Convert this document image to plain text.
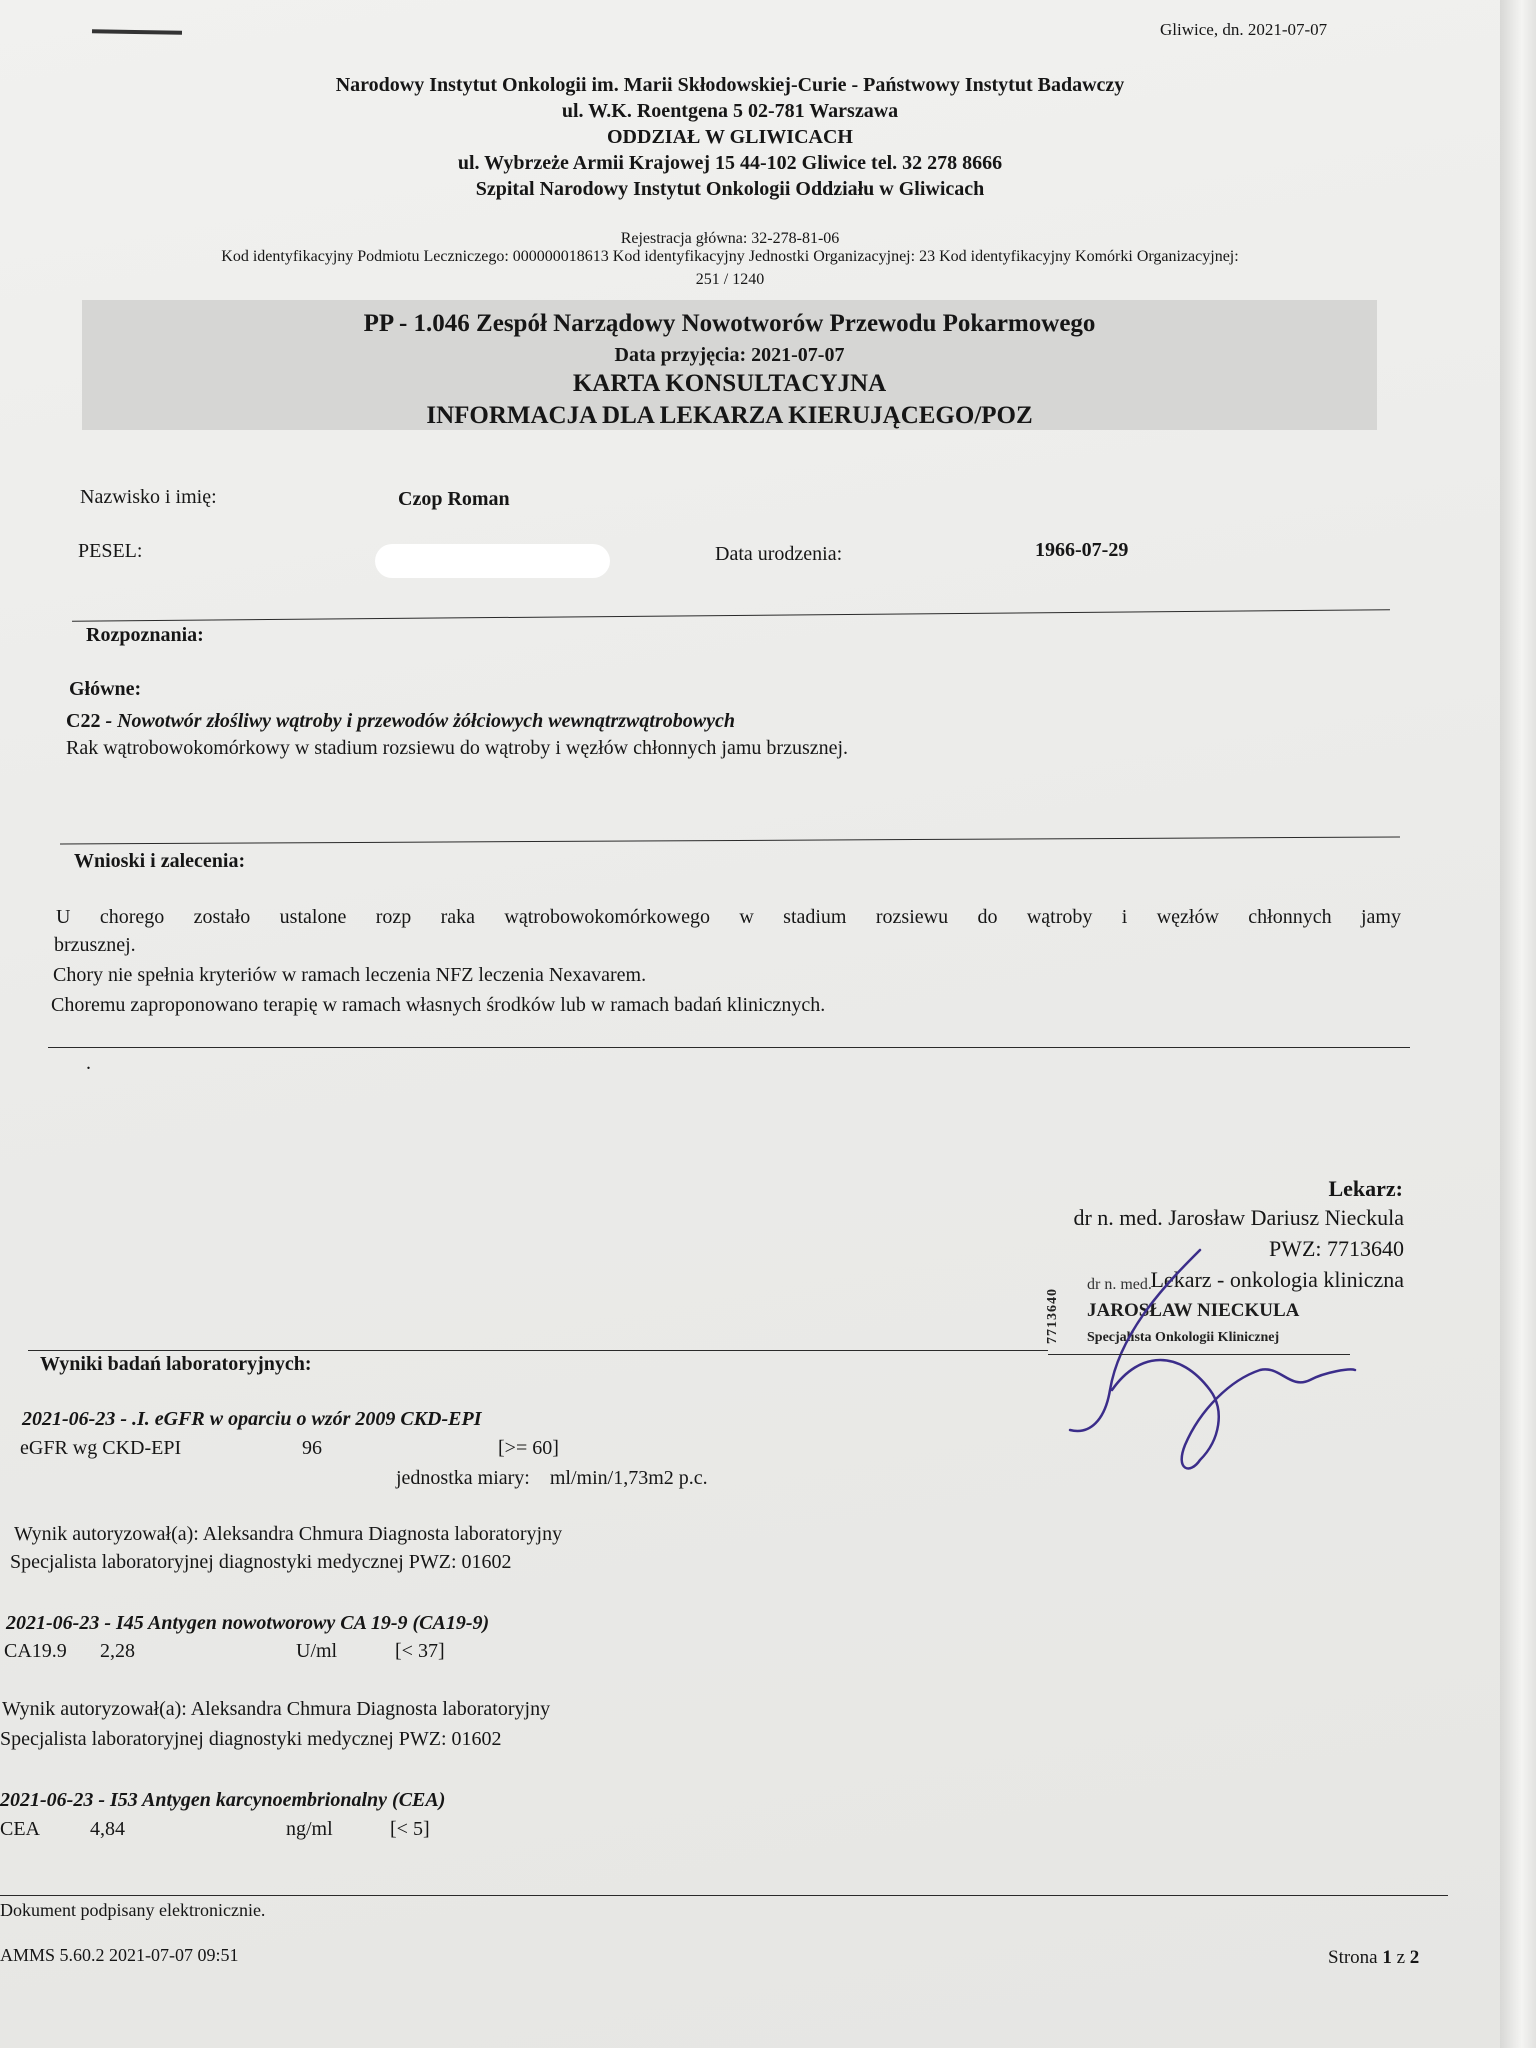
Gliwice, dn. 2021-07-07
Narodowy Instytut Onkologii im. Marii Skłodowskiej-Curie - Państwowy Instytut Badawczy
ul. W.K. Roentgena 5 02-781 Warszawa
ODDZIAŁ W GLIWICACH
ul. Wybrzeże Armii Krajowej 15 44-102 Gliwice tel. 32 278 8666
Szpital Narodowy Instytut Onkologii Oddziału w Gliwicach
Rejestracja główna: 32-278-81-06
Kod identyfikacyjny Podmiotu Leczniczego: 000000018613 Kod identyfikacyjny Jednostki Organizacyjnej: 23 Kod identyfikacyjny Komórki Organizacyjnej:
251 / 1240
PP - 1.046 Zespół Narządowy Nowotworów Przewodu Pokarmowego
Data przyjęcia: 2021-07-07
KARTA KONSULTACYJNA
INFORMACJA DLA LEKARZA KIERUJĄCEGO/POZ
Nazwisko i imię:	Czop Roman
PESEL:	Data urodzenia:	1966-07-29
Rozpoznania:
Główne:
C22 - Nowotwór złośliwy wątroby i przewodów żółciowych wewnątrzwątrobowych
Rak wątrobowokomórkowy w stadium rozsiewu do wątroby i węzłów chłonnych jamu brzusznej.
Wnioski i zalecenia:
U chorego zostało ustalone rozp raka wątrobowokomórkowego w stadium rozsiewu do wątroby i węzłów chłonnych jamy
brzusznej.
Chory nie spełnia kryteriów w ramach leczenia NFZ leczenia Nexavarem.
Choremu zaproponowano terapię w ramach własnych środków lub w ramach badań klinicznych.
.
Lekarz:
dr n. med. Jarosław Dariusz Nieckula
PWZ: 7713640
Lekarz - onkologia kliniczna
7713640
dr n. med.
JAROSŁAW NIECKULA
Specjalista Onkologii Klinicznej
Wyniki badań laboratoryjnych:
2021-06-23 - .I. eGFR w oparciu o wzór 2009 CKD-EPI
eGFR wg CKD-EPI	96	[>= 60]
jednostka miary:    ml/min/1,73m2 p.c.
Wynik autoryzował(a): Aleksandra Chmura Diagnosta laboratoryjny
Specjalista laboratoryjnej diagnostyki medycznej PWZ: 01602
2021-06-23 - I45 Antygen nowotworowy CA 19-9 (CA19-9)
CA19.9 2,28	U/ml	[< 37]
Wynik autoryzował(a): Aleksandra Chmura Diagnosta laboratoryjny
Specjalista laboratoryjnej diagnostyki medycznej PWZ: 01602
2021-06-23 - I53 Antygen karcynoembrionalny (CEA)
CEA	4,84	ng/ml	[< 5]
Dokument podpisany elektronicznie.
AMMS 5.60.2 2021-07-07 09:51	Strona 1 z 2
